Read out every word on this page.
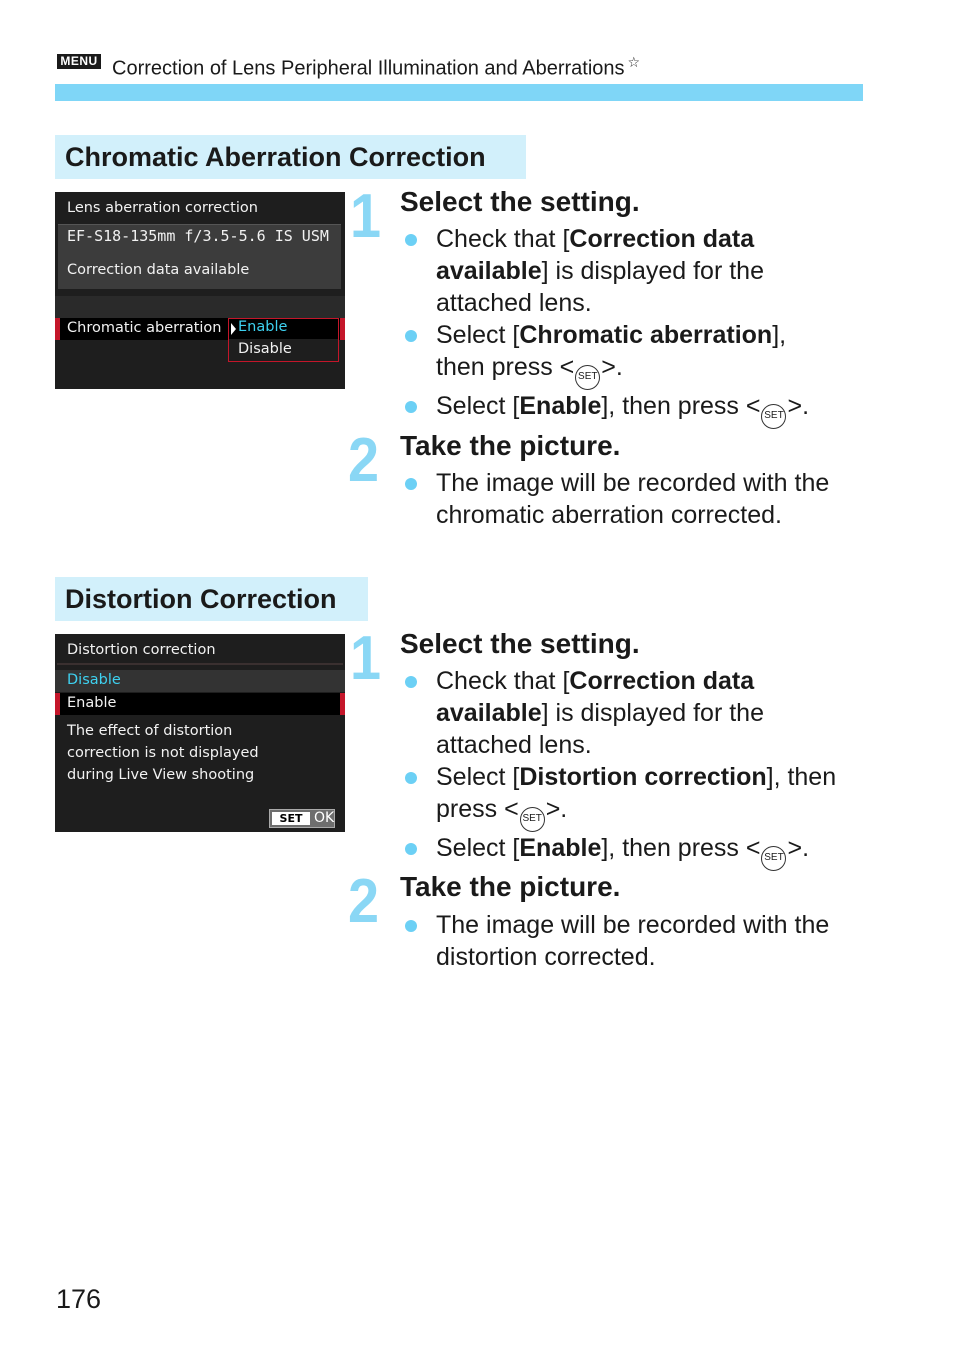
MENU Correction of Lens Peripheral Illumination and Aberrations ☆
Chromatic Aberration Correction
Lens aberration correction
EF-S18-135mm f/3.5-5.6 IS USM
Correction data available
Chromatic aberration Enable
Disable
1 Select the setting.
Check that [Correction data available] is displayed for the attached lens.
Select [Chromatic aberration], then press < SET >.
Select [Enable], then press < SET >.
2 Take the picture.
The image will be recorded with the chromatic aberration corrected.
Distortion Correction
Distortion correction
Disable
Enable
The effect of distortion
correction is not displayed
during Live View shooting
SET OK
1 Select the setting.
Check that [Correction data available] is displayed for the attached lens.
Select [Distortion correction], then press < SET >.
Select [Enable], then press < SET >.
2 Take the picture.
The image will be recorded with the distortion corrected.
176
